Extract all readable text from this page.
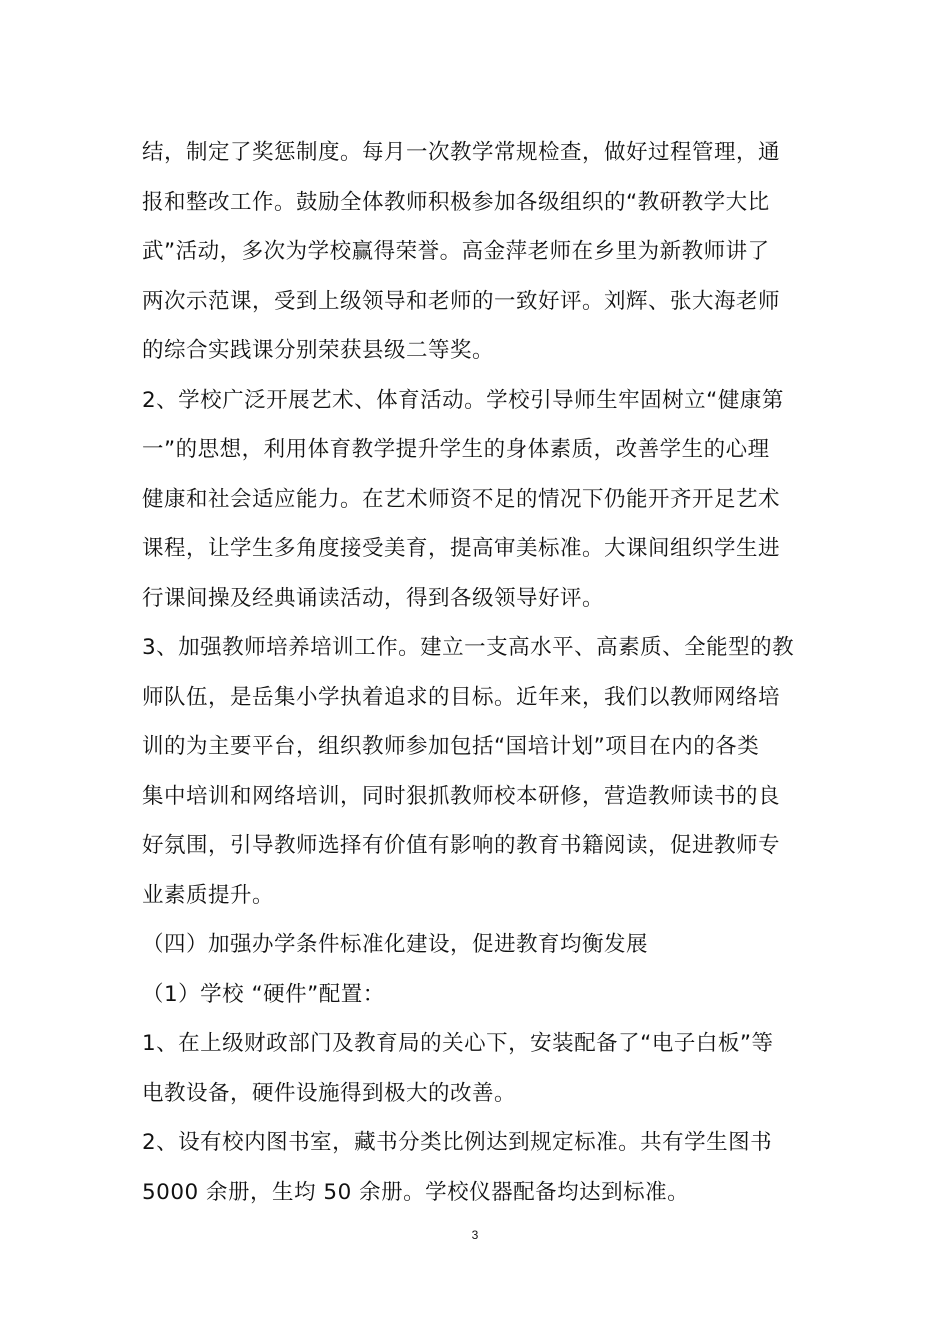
结，制定了奖惩制度。每月一次教学常规检查，做好过程管理，通
报和整改工作。鼓励全体教师积极参加各级组织的“教研教学大比
武”活动，多次为学校赢得荣誉。高金萍老师在乡里为新教师讲了
两次示范课，受到上级领导和老师的一致好评。刘辉、张大海老师
的综合实践课分别荣获县级二等奖。
2、学校广泛开展艺术、体育活动。学校引导师生牢固树立“健康第
一”的思想，利用体育教学提升学生的身体素质，改善学生的心理
健康和社会适应能力。在艺术师资不足的情况下仍能开齐开足艺术
课程，让学生多角度接受美育，提高审美标准。大课间组织学生进
行课间操及经典诵读活动，得到各级领导好评。
3、加强教师培养培训工作。建立一支高水平、高素质、全能型的教
师队伍，是岳集小学执着追求的目标。近年来，我们以教师网络培
训的为主要平台，组织教师参加包括“国培计划”项目在内的各类
集中培训和网络培训，同时狠抓教师校本研修，营造教师读书的良
好氛围，引导教师选择有价值有影响的教育书籍阅读，促进教师专
业素质提升。
（四）加强办学条件标准化建设，促进教育均衡发展
（1）学校 “硬件”配置：
1、在上级财政部门及教育局的关心下，安装配备了“电子白板”等
电教设备，硬件设施得到极大的改善。
2、设有校内图书室，藏书分类比例达到规定标准。共有学生图书
5000 余册，生均 50 余册。学校仪器配备均达到标准。
3
